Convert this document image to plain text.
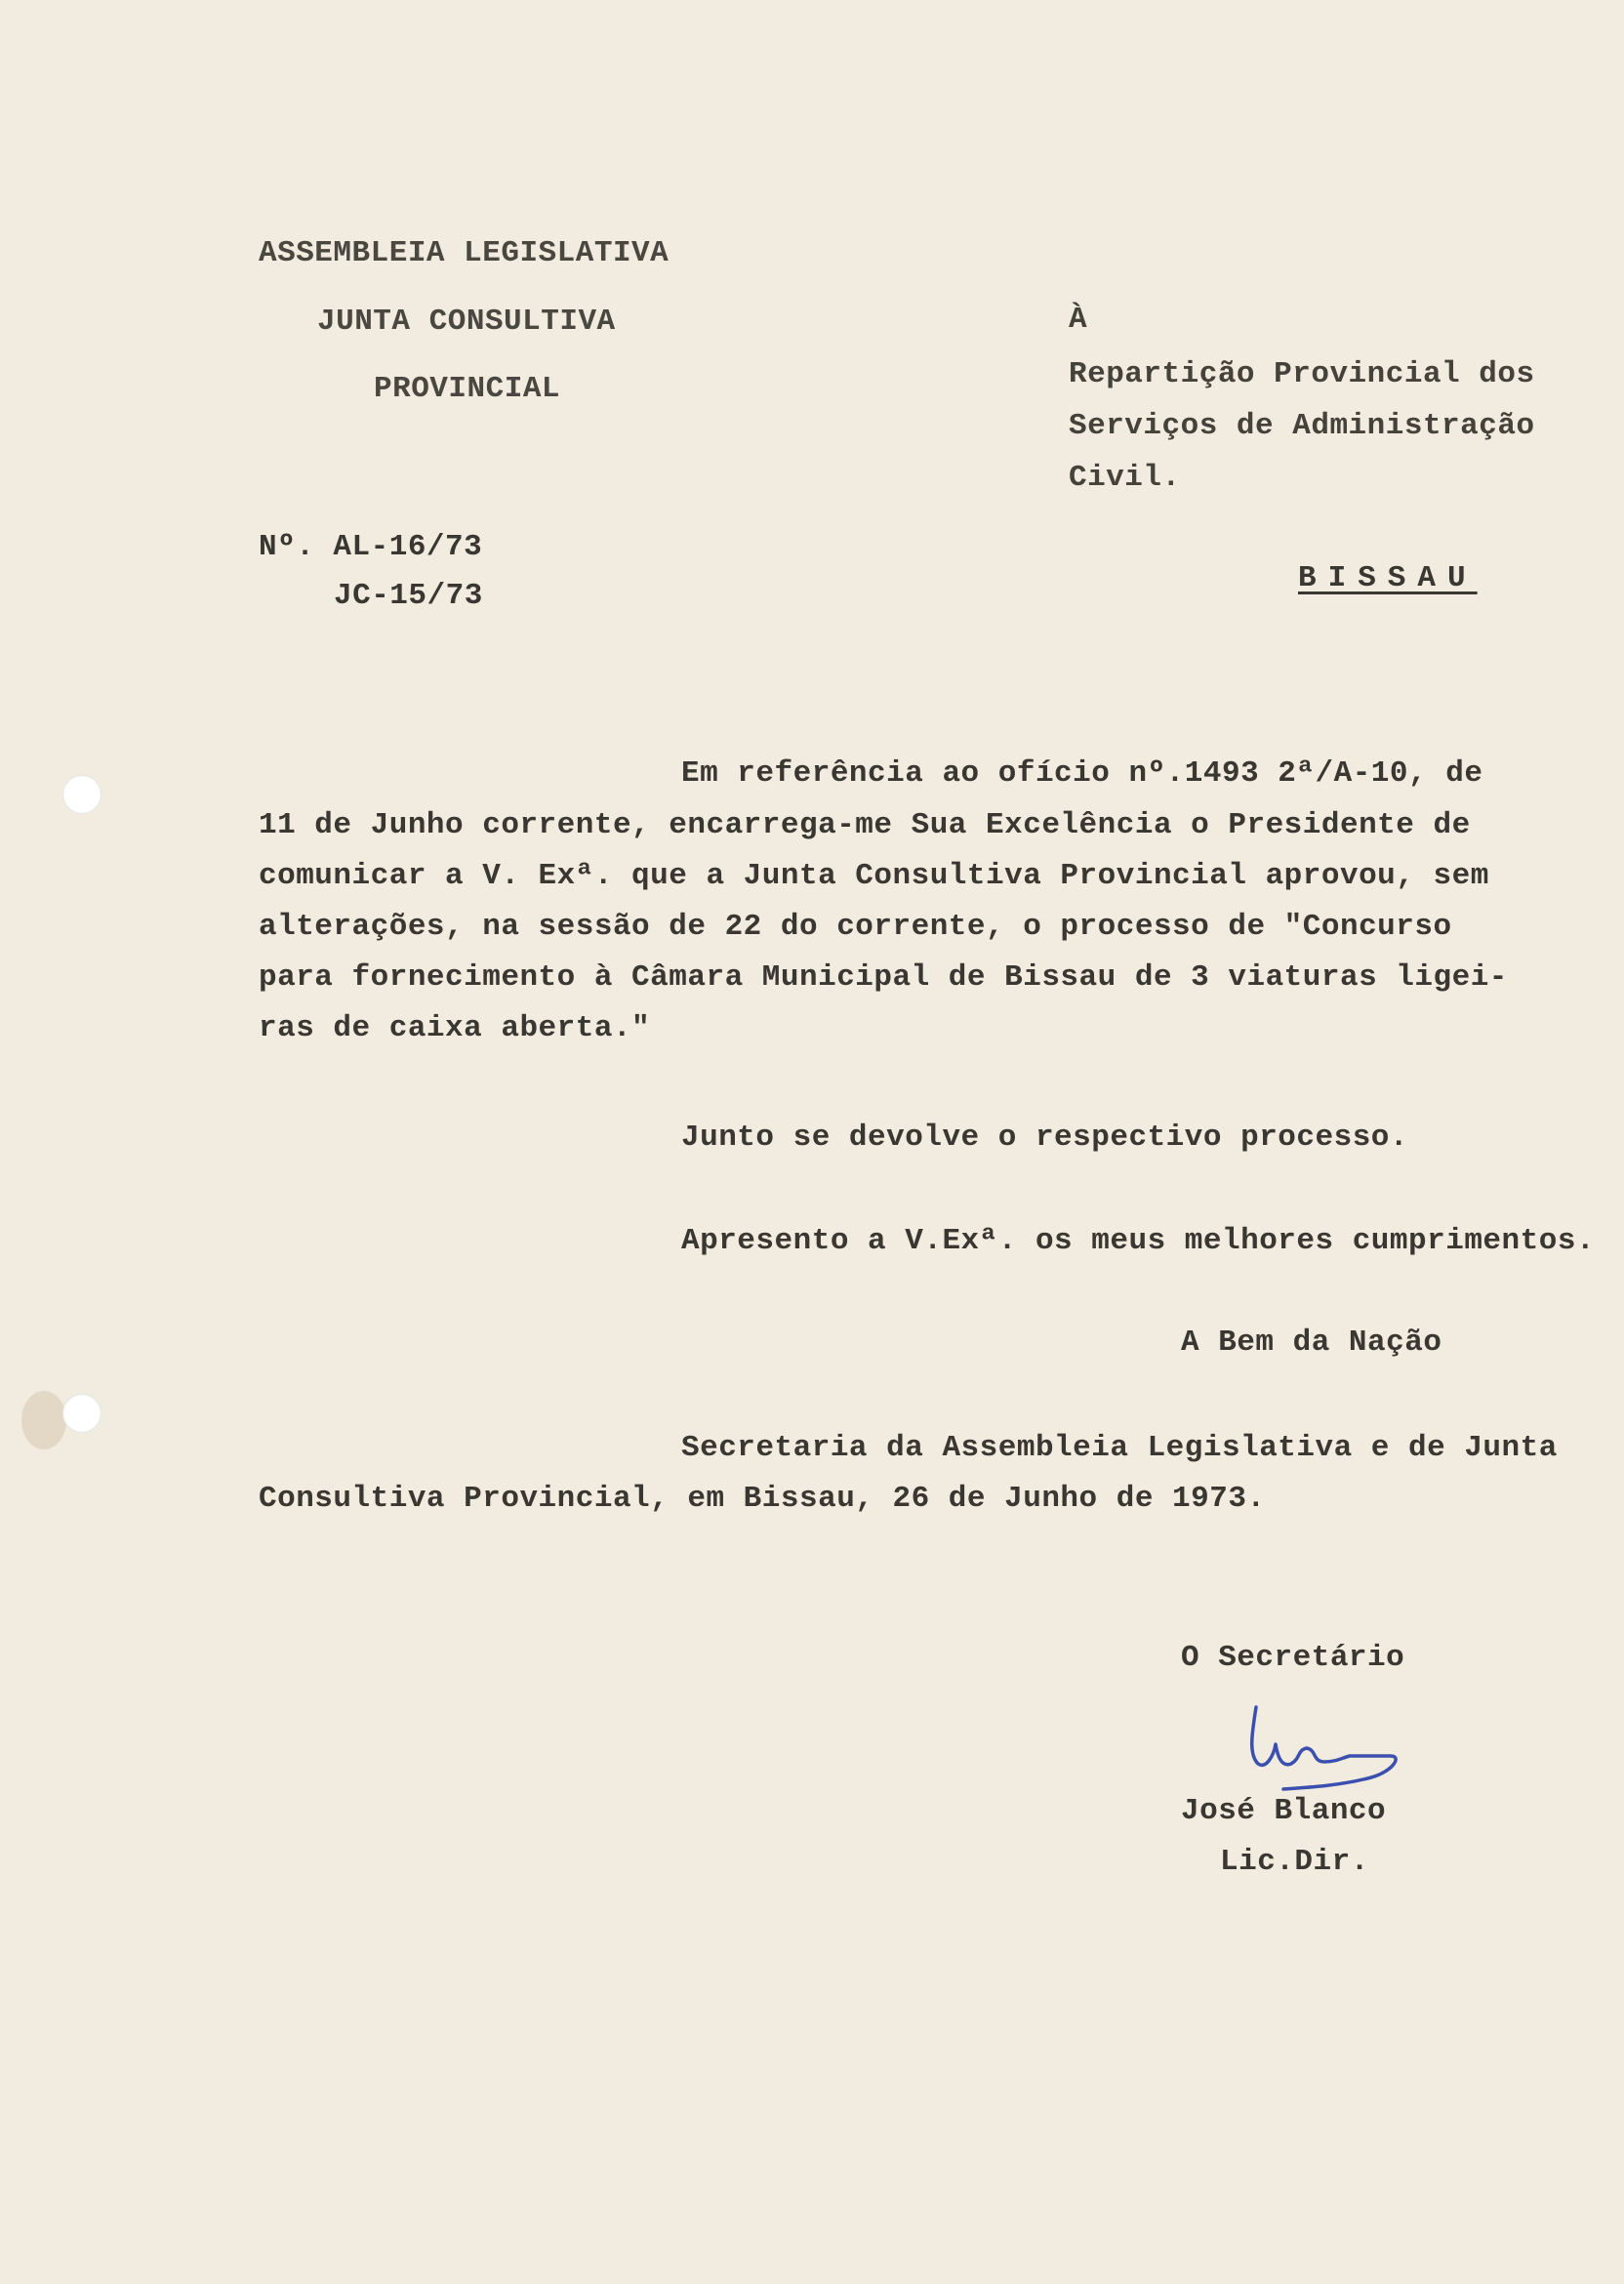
ASSEMBLEIA LEGISLATIVA
JUNTA CONSULTIVA
PROVINCIAL
À
Repartição Provincial dos
Serviços de Administração
Civil.
Nº. AL-16/73
JC-15/73
BISSAU
Em referência ao ofício nº.1493 2ª/A-10, de
11 de Junho corrente, encarrega-me Sua Excelência o Presidente de
comunicar a V. Exª. que a Junta Consultiva Provincial aprovou, sem
alterações, na sessão de 22 do corrente, o processo de "Concurso
para fornecimento à Câmara Municipal de Bissau de 3 viaturas ligei-
ras de caixa aberta."
Junto se devolve o respectivo processo.
Apresento a V.Exª. os meus melhores cumprimentos.
A Bem da Nação
Secretaria da Assembleia Legislativa e de Junta
Consultiva Provincial, em Bissau, 26 de Junho de 1973.
O Secretário
José Blanco
Lic.Dir.
